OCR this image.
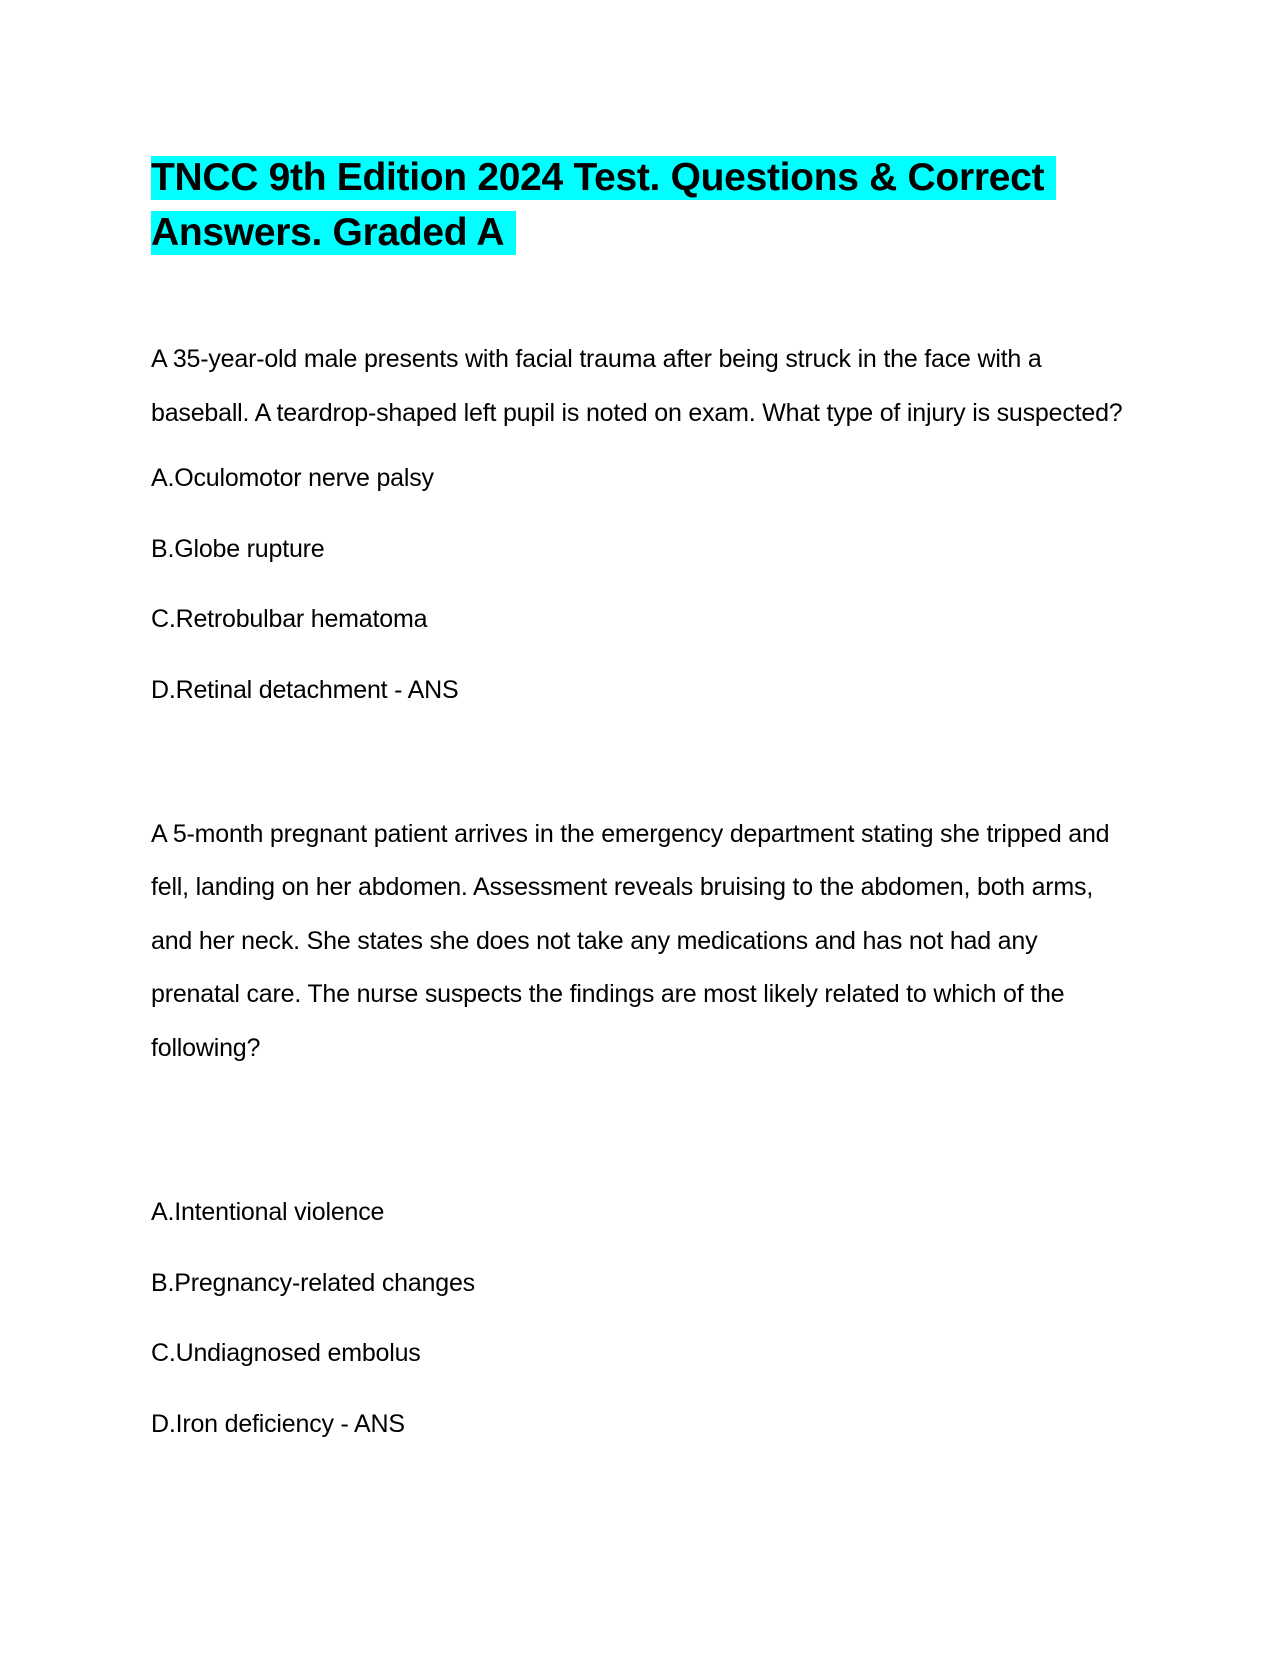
TNCC 9th Edition 2024 Test. Questions & Correct Answers. Graded A

A 35-year-old male presents with facial trauma after being struck in the face with a baseball. A teardrop-shaped left pupil is noted on exam. What type of injury is suspected?

A.Oculomotor nerve palsy
B.Globe rupture
C.Retrobulbar hematoma
D.Retinal detachment - ANS

A 5-month pregnant patient arrives in the emergency department stating she tripped and fell, landing on her abdomen. Assessment reveals bruising to the abdomen, both arms, and her neck. She states she does not take any medications and has not had any prenatal care. The nurse suspects the findings are most likely related to which of the following?

A.Intentional violence
B.Pregnancy-related changes
C.Undiagnosed embolus
D.Iron deficiency - ANS
